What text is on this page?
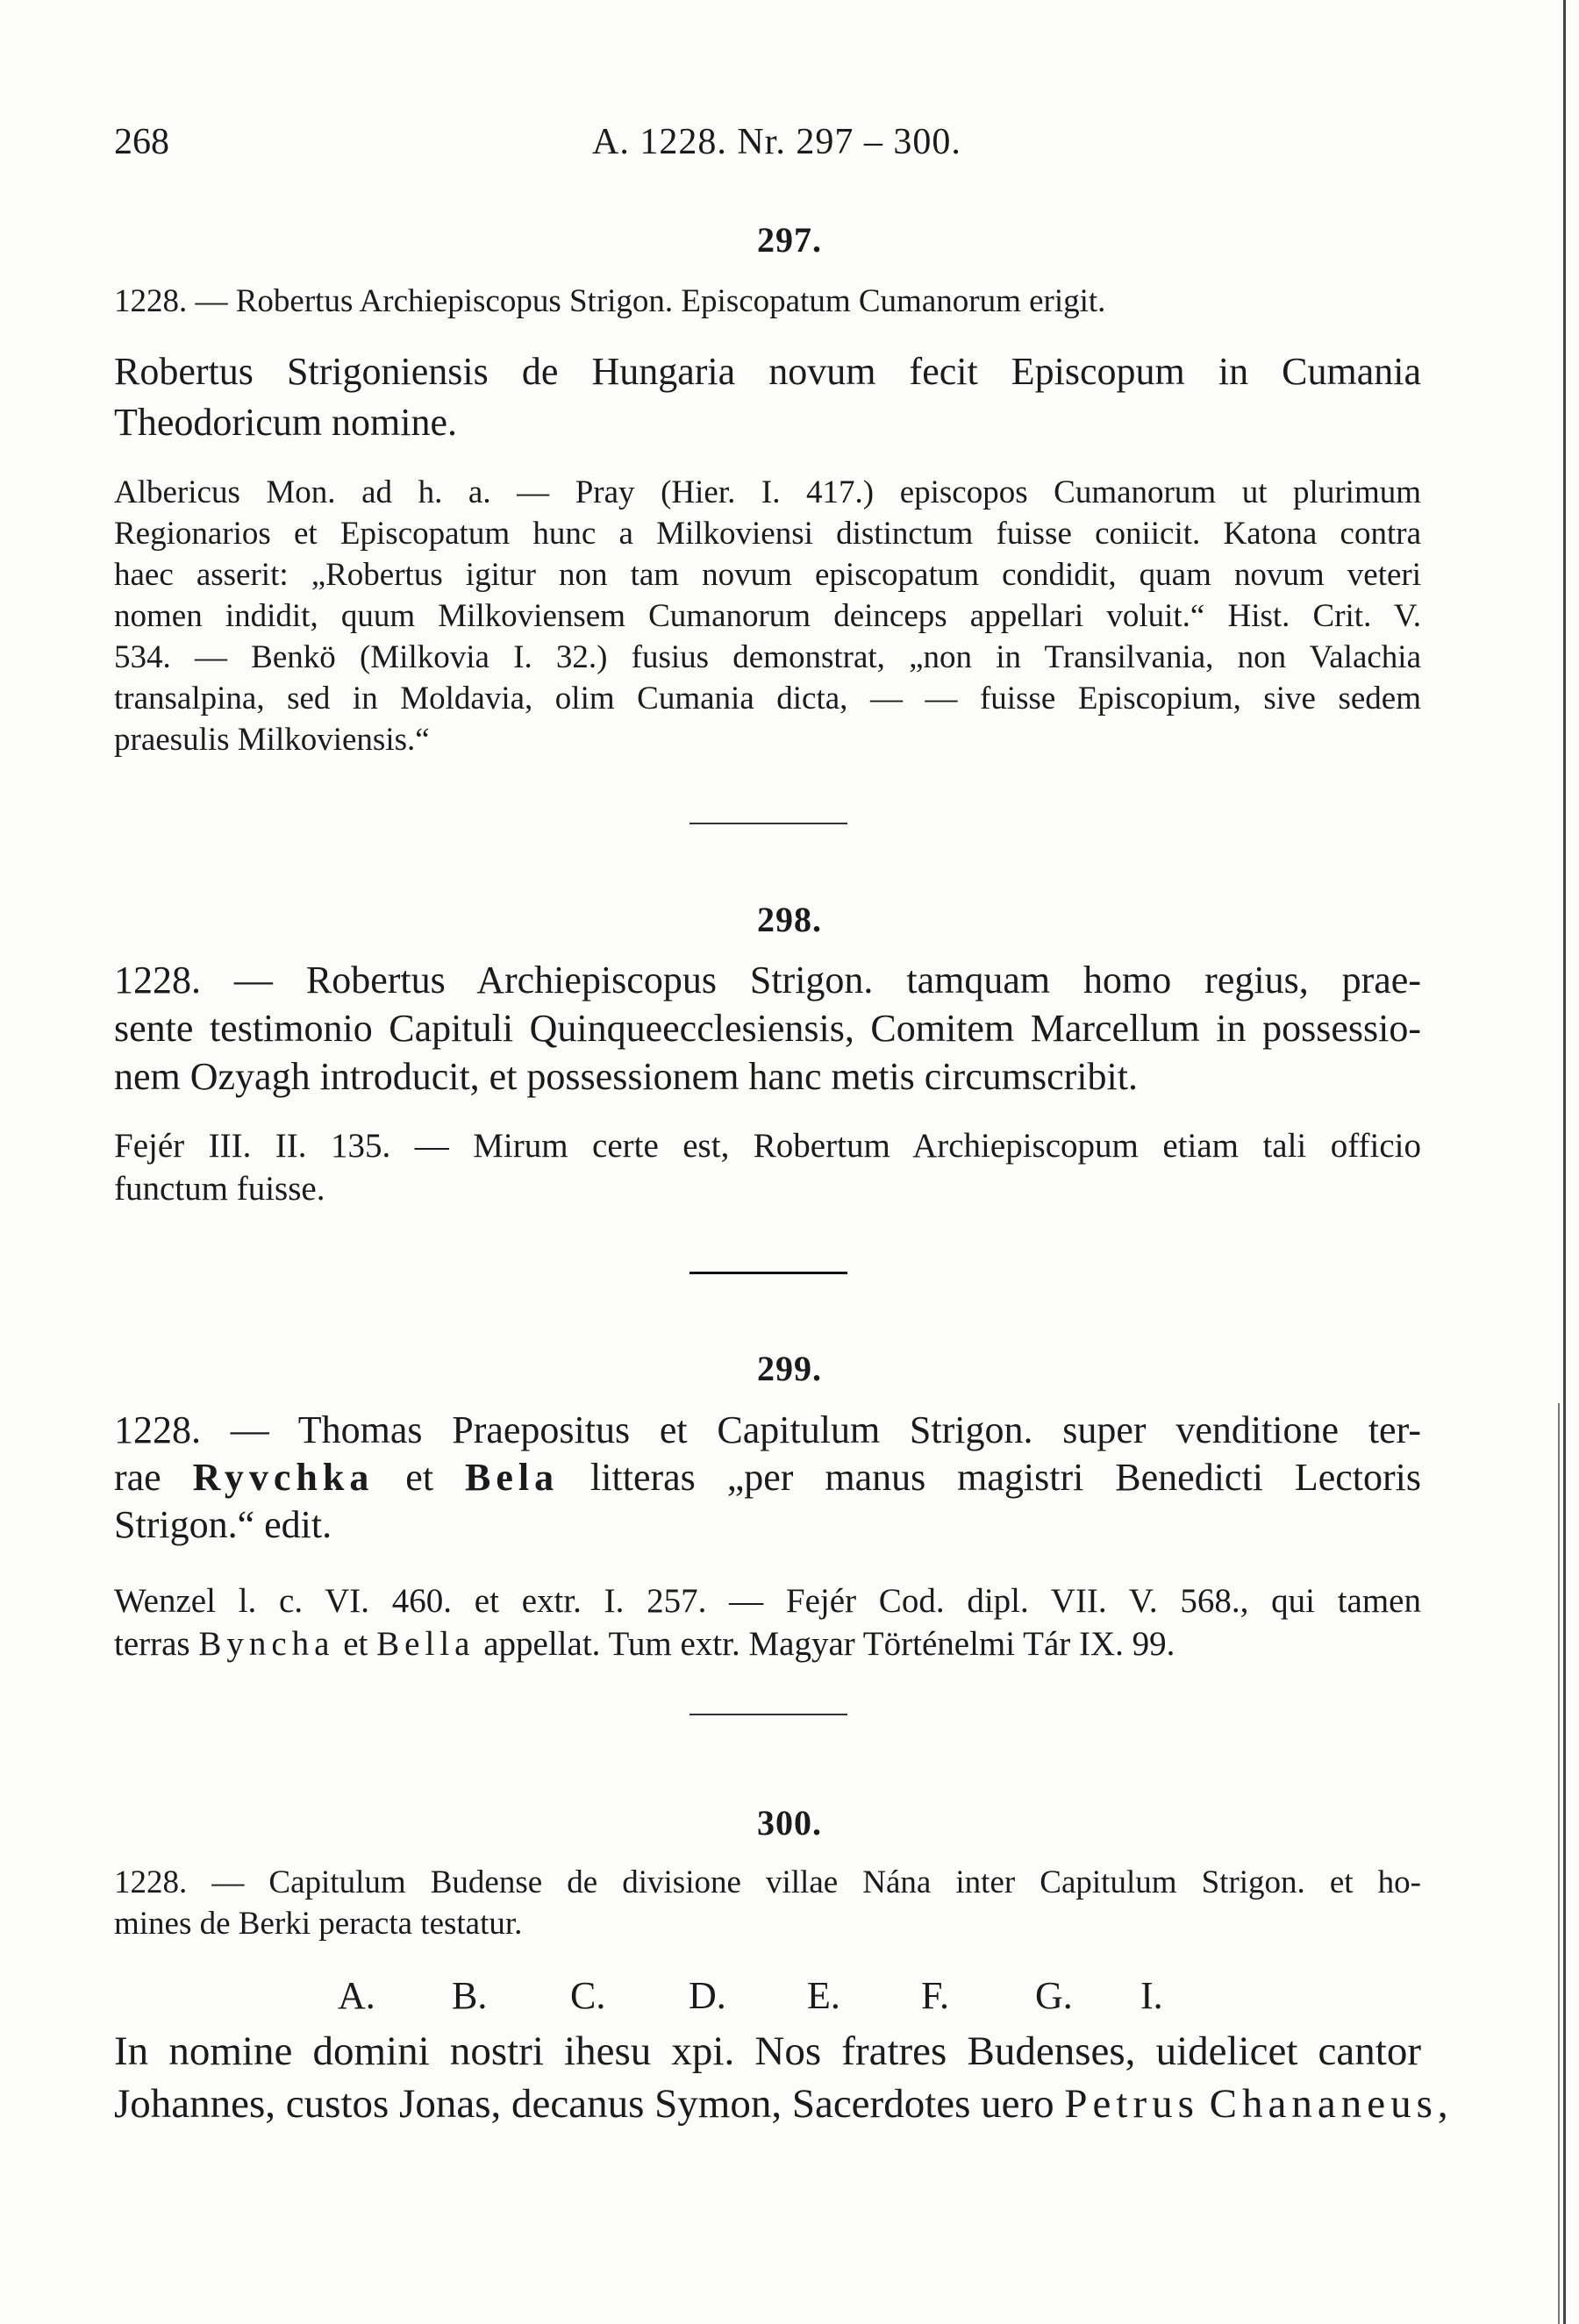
268	A. 1228. Nr. 297 – 300.
297.
1228. — Robertus Archiepiscopus Strigon. Episcopatum Cumanorum erigit.
Robertus Strigoniensis de Hungaria novum fecit Episcopum in Cumania
Theodoricum nomine.
Albericus Mon. ad h. a. — Pray (Hier. I. 417.) episcopos Cumanorum ut plurimum
Regionarios et Episcopatum hunc a Milkoviensi distinctum fuisse coniicit. Katona contra
haec asserit: „Robertus igitur non tam novum episcopatum condidit, quam novum veteri
nomen indidit, quum Milkoviensem Cumanorum deinceps appellari voluit.“ Hist. Crit. V.
534. — Benkö (Milkovia I. 32.) fusius demonstrat, „non in Transilvania, non Valachia
transalpina, sed in Moldavia, olim Cumania dicta, — — fuisse Episcopium, sive sedem
praesulis Milkoviensis.“
298.
1228. — Robertus Archiepiscopus Strigon. tamquam homo regius, prae-
sente testimonio Capituli Quinqueecclesiensis, Comitem Marcellum in possessio-
nem Ozyagh introducit, et possessionem hanc metis circumscribit.
Fejér III. II. 135. — Mirum certe est, Robertum Archiepiscopum etiam tali officio
functum fuisse.
299.
1228. — Thomas Praepositus et Capitulum Strigon. super venditione ter-
rae Ryvchka et Bela litteras „per manus magistri Benedicti Lectoris
Strigon.“ edit.
Wenzel l. c. VI. 460. et extr. I. 257. — Fejér Cod. dipl. VII. V. 568., qui tamen
terras Byncha et Bella appellat. Tum extr. Magyar Történelmi Tár IX. 99.
300.
1228. — Capitulum Budense de divisione villae Nána inter Capitulum Strigon. et ho-
mines de Berki peracta testatur.
A. B. C. D. E. F. G. I.
In nomine domini nostri ihesu xpi. Nos fratres Budenses, uidelicet cantor
Johannes, custos Jonas, decanus Symon, Sacerdotes uero Petrus Chananeus,
